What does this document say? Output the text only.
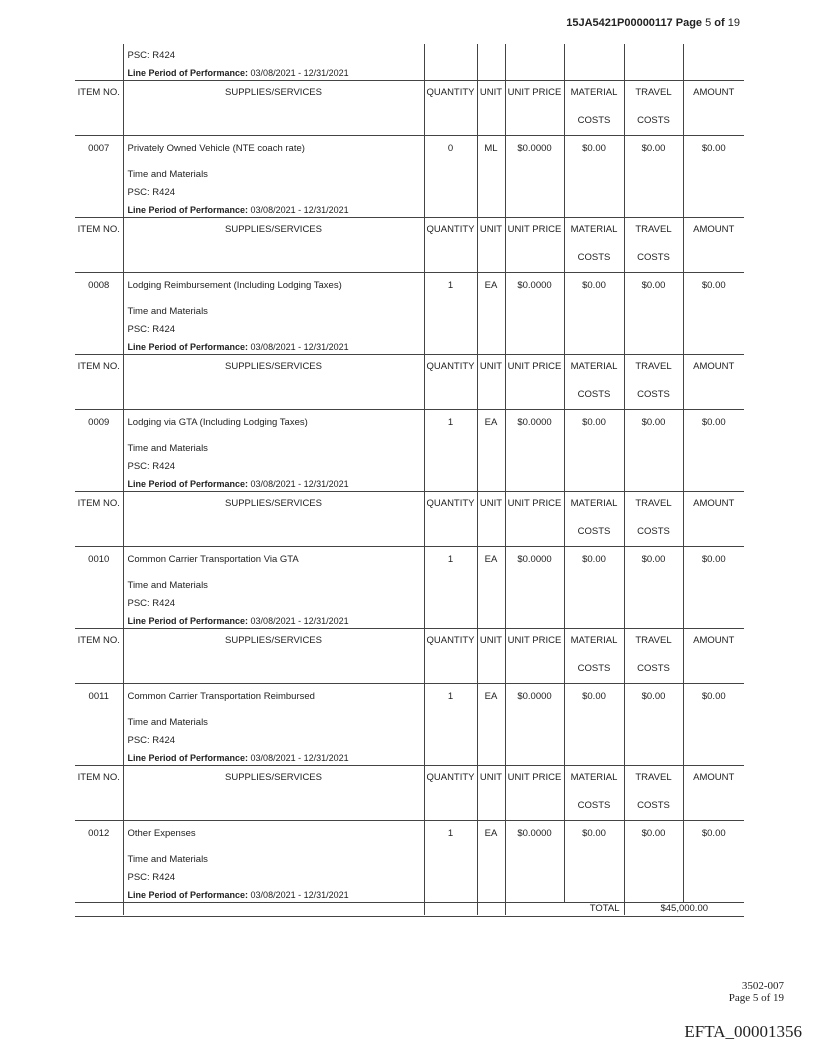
15JA5421P00000117 Page 5 of 19
	PSC: R424						
	Line Period of Performance: 03/08/2021 - 12/31/2021						
ITEM NO.	SUPPLIES/SERVICES	QUANTITY	UNIT	UNIT PRICE	MATERIAL	TRAVEL	AMOUNT
					COSTS	COSTS	
0007	Privately Owned Vehicle (NTE coach rate)	0	ML	$0.0000	$0.00	$0.00	$0.00
	Time and Materials						
	PSC: R424						
	Line Period of Performance: 03/08/2021 - 12/31/2021						
ITEM NO.	SUPPLIES/SERVICES	QUANTITY	UNIT	UNIT PRICE	MATERIAL	TRAVEL	AMOUNT
					COSTS	COSTS	
0008	Lodging Reimbursement (Including Lodging Taxes)	1	EA	$0.0000	$0.00	$0.00	$0.00
	Time and Materials						
	PSC: R424						
	Line Period of Performance: 03/08/2021 - 12/31/2021						
ITEM NO.	SUPPLIES/SERVICES	QUANTITY	UNIT	UNIT PRICE	MATERIAL	TRAVEL	AMOUNT
					COSTS	COSTS	
0009	Lodging via GTA (Including Lodging Taxes)	1	EA	$0.0000	$0.00	$0.00	$0.00
	Time and Materials						
	PSC: R424						
	Line Period of Performance: 03/08/2021 - 12/31/2021						
ITEM NO.	SUPPLIES/SERVICES	QUANTITY	UNIT	UNIT PRICE	MATERIAL	TRAVEL	AMOUNT
					COSTS	COSTS	
0010	Common Carrier Transportation Via GTA	1	EA	$0.0000	$0.00	$0.00	$0.00
	Time and Materials						
	PSC: R424						
	Line Period of Performance: 03/08/2021 - 12/31/2021						
ITEM NO.	SUPPLIES/SERVICES	QUANTITY	UNIT	UNIT PRICE	MATERIAL	TRAVEL	AMOUNT
					COSTS	COSTS	
0011	Common Carrier Transportation Reimbursed	1	EA	$0.0000	$0.00	$0.00	$0.00
	Time and Materials						
	PSC: R424						
	Line Period of Performance: 03/08/2021 - 12/31/2021						
ITEM NO.	SUPPLIES/SERVICES	QUANTITY	UNIT	UNIT PRICE	MATERIAL	TRAVEL	AMOUNT
					COSTS	COSTS	
0012	Other Expenses	1	EA	$0.0000	$0.00	$0.00	$0.00
	Time and Materials						
	PSC: R424						
	Line Period of Performance: 03/08/2021 - 12/31/2021						
				TOTAL		$45,000.00	
3502-007
Page 5 of 19
EFTA_00001356
